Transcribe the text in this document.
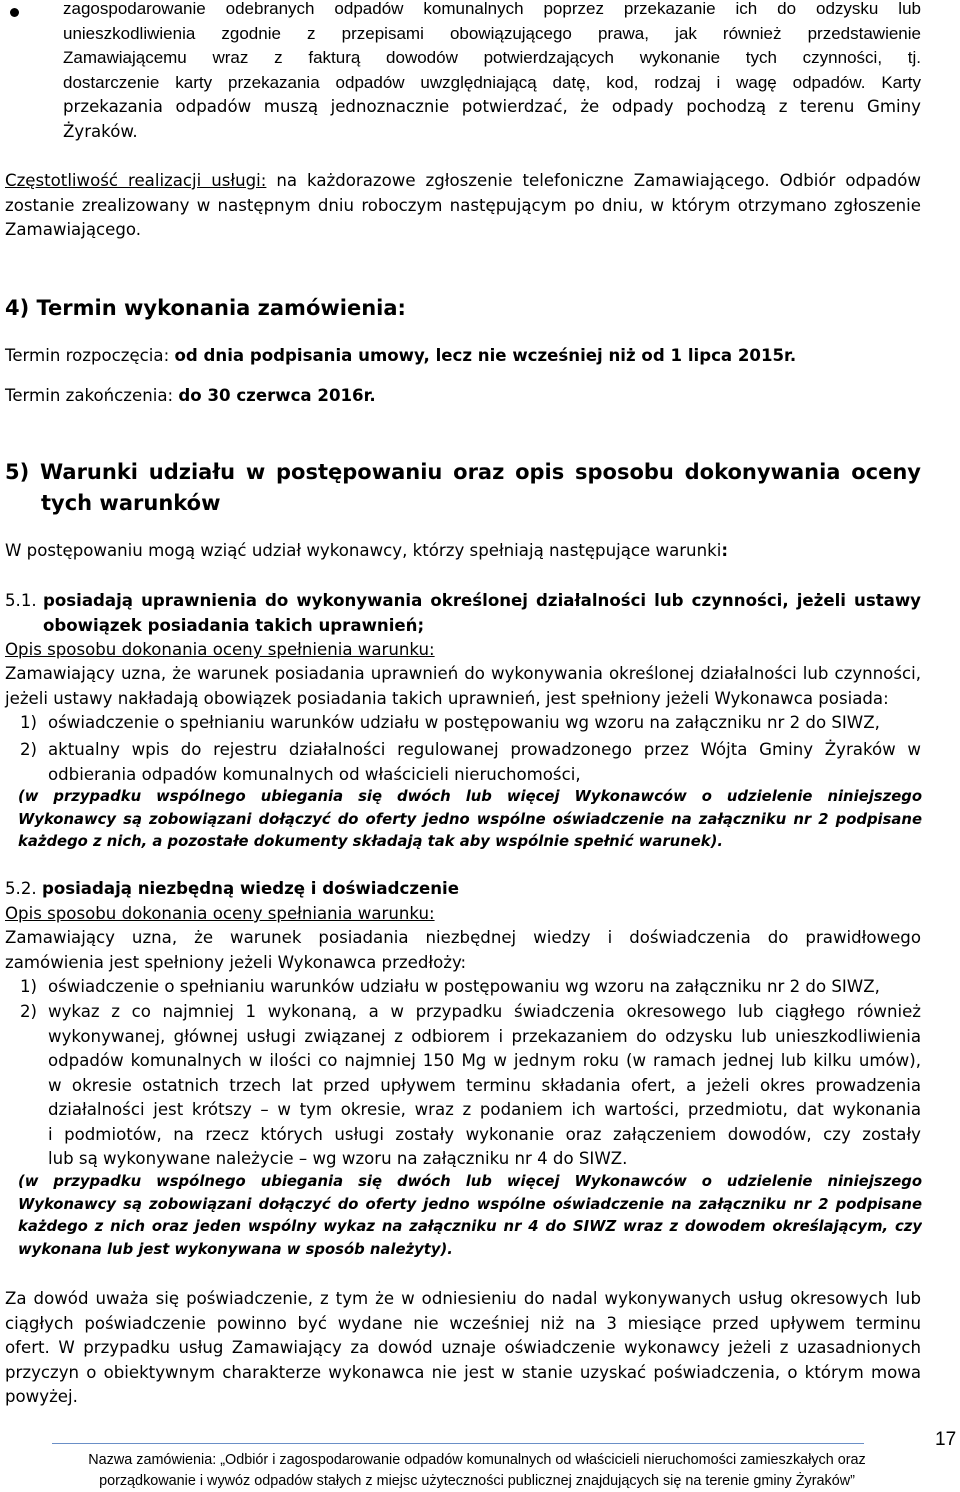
zagospodarowanie odebranych odpadów komunalnych poprzez przekazanie ich do odzysku lub
unieszkodliwienia zgodnie z przepisami obowiązującego prawa, jak również przedstawienie
Zamawiającemu wraz z fakturą dowodów potwierdzających wykonanie tych czynności, tj.
dostarczenie karty przekazania odpadów uwzględniającą datę, kod, rodzaj i wagę odpadów. Karty
przekazania odpadów muszą jednoznacznie potwierdzać, że odpady pochodzą z terenu Gminy
Żyraków.
Częstotliwość realizacji usługi: na każdorazowe zgłoszenie telefoniczne Zamawiającego. Odbiór odpadów
zostanie zrealizowany w następnym dniu roboczym następującym po dniu, w którym otrzymano zgłoszenie
Zamawiającego.
4) Termin wykonania zamówienia:
Termin rozpoczęcia: od dnia podpisania umowy, lecz nie wcześniej niż od 1 lipca 2015r.
Termin zakończenia: do 30 czerwca 2016r.
5) Warunki udziału w postępowaniu oraz opis sposobu dokonywania oceny
tych warunków
W postępowaniu mogą wziąć udział wykonawcy, którzy spełniają następujące warunki:
5.1. posiadają uprawnienia do wykonywania określonej działalności lub czynności, jeżeli ustawy
obowiązek posiadania takich uprawnień;
Opis sposobu dokonania oceny spełnienia warunku:
Zamawiający uzna, że warunek posiadania uprawnień do wykonywania określonej działalności lub czynności,
jeżeli ustawy nakładają obowiązek posiadania takich uprawnień, jest spełniony jeżeli Wykonawca posiada:
1) oświadczenie o spełnianiu warunków udziału w postępowaniu wg wzoru na załączniku nr 2 do SIWZ,
2) aktualny wpis do rejestru działalności regulowanej prowadzonego przez Wójta Gminy Żyraków w
odbierania odpadów komunalnych od właścicieli nieruchomości,
(w przypadku wspólnego ubiegania się dwóch lub więcej Wykonawców o udzielenie niniejszego
Wykonawcy są zobowiązani dołączyć do oferty jedno wspólne oświadczenie na załączniku nr 2 podpisane
każdego z nich, a pozostałe dokumenty składają tak aby wspólnie spełnić warunek).
5.2. posiadają niezbędną wiedzę i doświadczenie
Opis sposobu dokonania oceny spełniania warunku:
Zamawiający uzna, że warunek posiadania niezbędnej wiedzy i doświadczenia do prawidłowego
zamówienia jest spełniony jeżeli Wykonawca przedłoży:
1) oświadczenie o spełnianiu warunków udziału w postępowaniu wg wzoru na załączniku nr 2 do SIWZ,
2) wykaz z co najmniej 1 wykonaną, a w przypadku świadczenia okresowego lub ciągłego również
wykonywanej, głównej usługi związanej z odbiorem i przekazaniem do odzysku lub unieszkodliwienia
odpadów komunalnych w ilości co najmniej 150 Mg w jednym roku (w ramach jednej lub kilku umów),
w okresie ostatnich trzech lat przed upływem terminu składania ofert, a jeżeli okres prowadzenia
działalności jest krótszy – w tym okresie, wraz z podaniem ich wartości, przedmiotu, dat wykonania
i podmiotów, na rzecz których usługi zostały wykonanie oraz załączeniem dowodów, czy zostały
lub są wykonywane należycie – wg wzoru na załączniku nr 4 do SIWZ.
(w przypadku wspólnego ubiegania się dwóch lub więcej Wykonawców o udzielenie niniejszego
Wykonawcy są zobowiązani dołączyć do oferty jedno wspólne oświadczenie na załączniku nr 2 podpisane
każdego z nich oraz jeden wspólny wykaz na załączniku nr 4 do SIWZ wraz z dowodem określającym, czy
wykonana lub jest wykonywana w sposób należyty).
Za dowód uważa się poświadczenie, z tym że w odniesieniu do nadal wykonywanych usług okresowych lub
ciągłych poświadczenie powinno być wydane nie wcześniej niż na 3 miesiące przed upływem terminu
ofert. W przypadku usług Zamawiający za dowód uznaje oświadczenie wykonawcy jeżeli z uzasadnionych
przyczyn o obiektywnym charakterze wykonawca nie jest w stanie uzyskać poświadczenia, o którym mowa
powyżej.
Nazwa zamówienia: „Odbiór i zagospodarowanie odpadów komunalnych od właścicieli nieruchomości zamieszkałych oraz
porządkowanie i wywóz odpadów stałych z miejsc użyteczności publicznej znajdujących się na terenie gminy Żyraków”
17
